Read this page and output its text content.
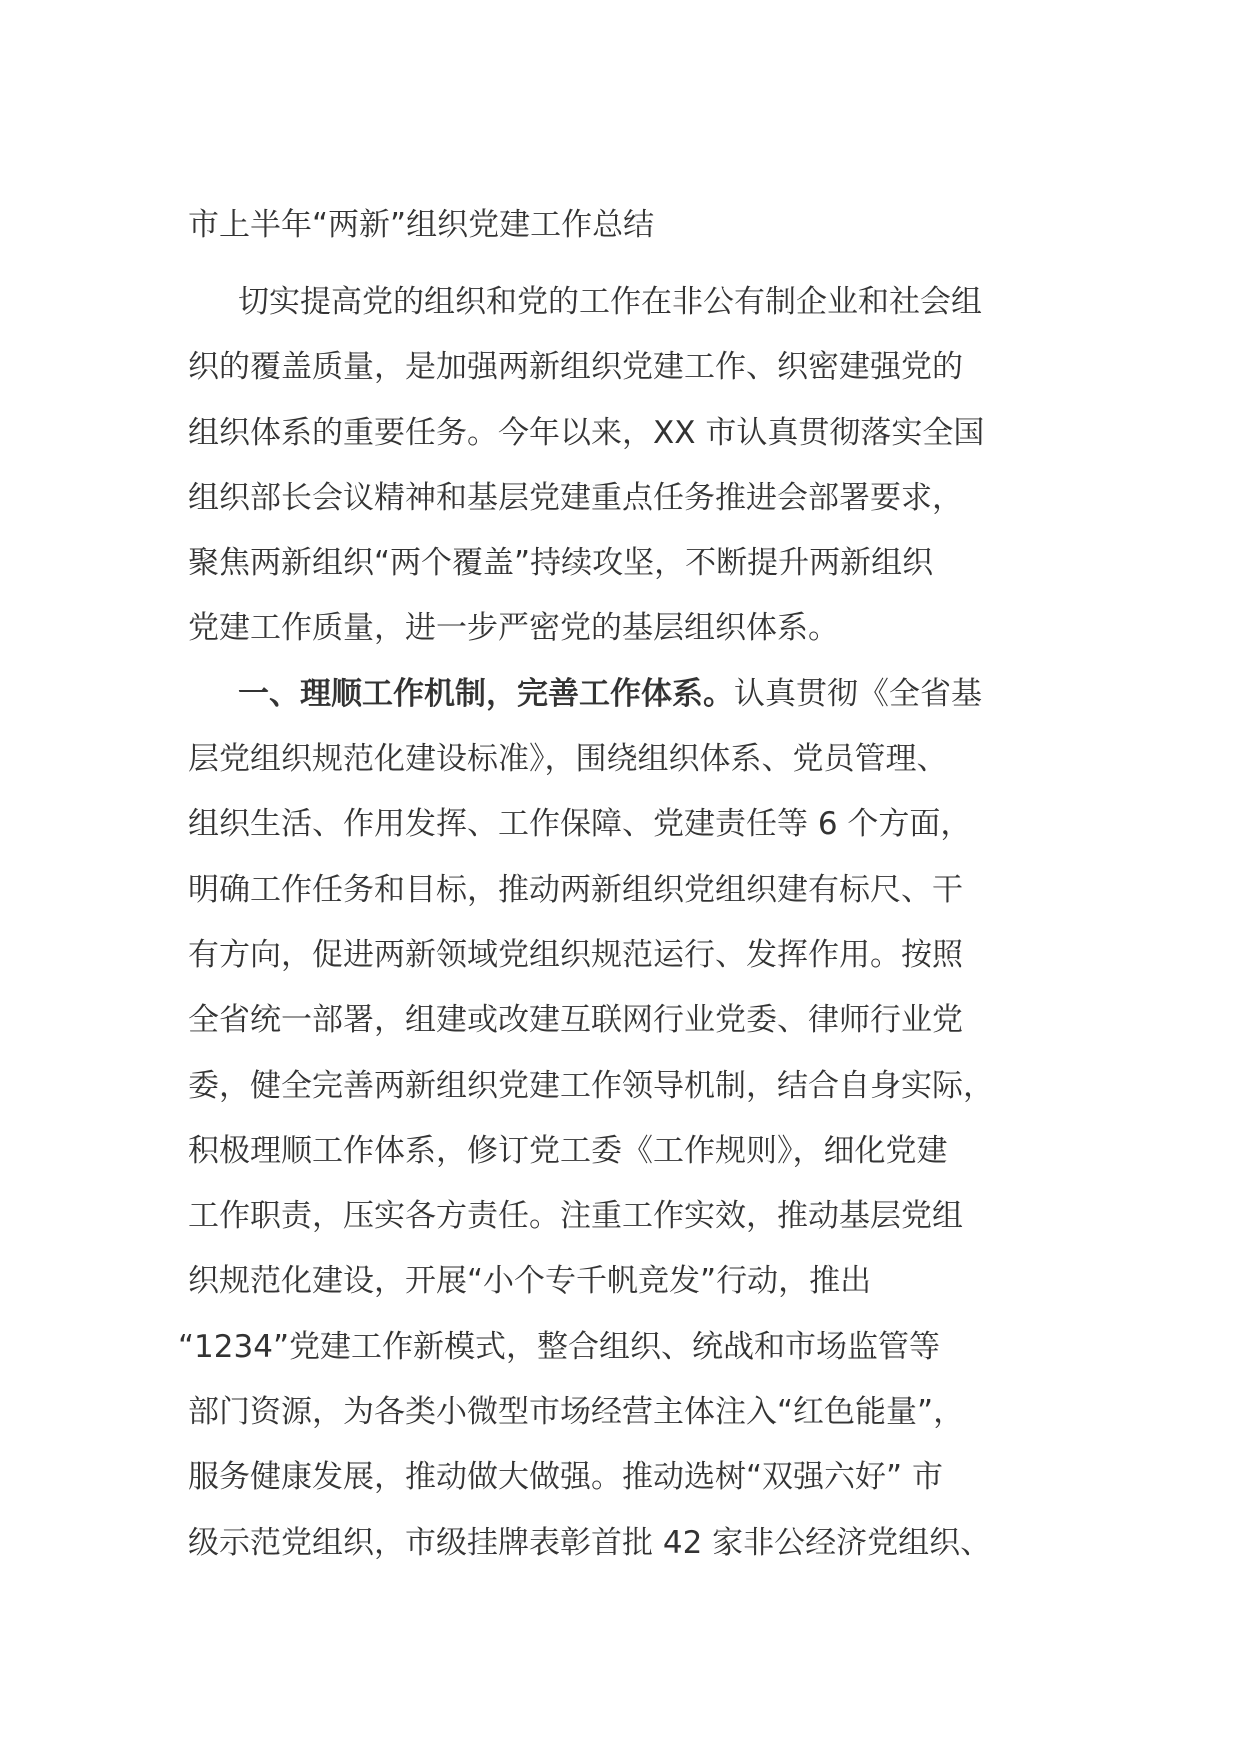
市上半年“两新”组织党建工作总结

切实提高党的组织和党的工作在非公有制企业和社会组

织的覆盖质量，是加强两新组织党建工作、织密建强党的

组织体系的重要任务。今年以来，XX 市认真贯彻落实全国

组织部长会议精神和基层党建重点任务推进会部署要求，

聚焦两新组织“两个覆盖”持续攻坚，不断提升两新组织

党建工作质量，进一步严密党的基层组织体系。

一、理顺工作机制，完善工作体系。认真贯彻《全省基

层党组织规范化建设标准》，围绕组织体系、党员管理、

组织生活、作用发挥、工作保障、党建责任等 6 个方面，

明确工作任务和目标，推动两新组织党组织建有标尺、干

有方向，促进两新领域党组织规范运行、发挥作用。按照

全省统一部署，组建或改建互联网行业党委、律师行业党

委，健全完善两新组织党建工作领导机制，结合自身实际，

积极理顺工作体系，修订党工委《工作规则》，细化党建

工作职责，压实各方责任。注重工作实效，推动基层党组

织规范化建设，开展“小个专千帆竞发”行动，推出

“1234”党建工作新模式，整合组织、统战和市场监管等

部门资源，为各类小微型市场经营主体注入“红色能量”，

服务健康发展，推动做大做强。推动选树“双强六好” 市

级示范党组织，市级挂牌表彰首批 42 家非公经济党组织、
